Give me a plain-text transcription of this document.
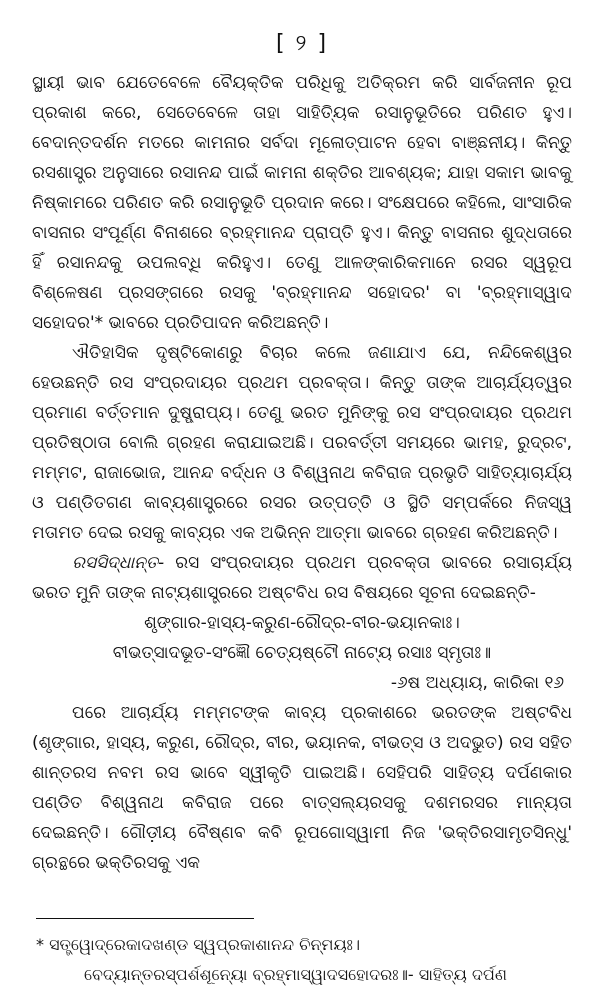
[ ୨ ]

ସ୍ଥାୟୀ ଭାବ ଯେତେବେଳେ ବୈୟକ୍ତିକ ପରିଧିକୁ ଅତିକ୍ରମ କରି ସାର୍ବଜନୀନ ରୂପ ପ୍ରକାଶ କରେ, ସେତେବେଳେ ତାହା ସାହିତ୍ୟିକ ରସାନୁଭୂତିରେ ପରିଣତ ହୁଏ। ବେଦାନ୍ତଦର୍ଶନ ମତରେ କାମନାର ସର୍ବଦା ମୂଳୋତ୍ପାଟନ ହେବା ବାଞ୍ଛନୀୟ। କିନ୍ତୁ ରସଶାସ୍ତ୍ର ଅନୁସାରେ ରସାନନ୍ଦ ପାଇଁ କାମନା ଶକ୍ତିର ଆବଶ୍ୟକ; ଯାହା ସକାମ ଭାବକୁ ନିଷ୍କାମରେ ପରିଣତ କରି ରସାନୁଭୂତି ପ୍ରଦାନ କରେ। ସଂକ୍ଷେପରେ କହିଲେ, ସାଂସାରିକ ବାସନାର ସଂପୂର୍ଣ୍ଣ ବିନାଶରେ ବ୍ରହ୍ମାନନ୍ଦ ପ୍ରାପ୍ତି ହୁଏ। କିନ୍ତୁ ବାସନାର ଶୁଦ୍ଧତାରେ ହିଁ ରସାନନ୍ଦକୁ ଉପଲବ୍ଧି କରିହୁଏ। ତେଣୁ ଆଳଙ୍କାରିକମାନେ ରସର ସ୍ୱରୂପ ବିଶ୍ଳେଷଣ ପ୍ରସଙ୍ଗରେ ରସକୁ 'ବ୍ରହ୍ମାନନ୍ଦ ସହୋଦର' ବା 'ବ୍ରହ୍ମାସ୍ୱାଦ ସହୋଦର'* ଭାବରେ ପ୍ରତିପାଦନ କରିଅଛନ୍ତି।

ଐତିହାସିକ ଦୃଷ୍ଟିକୋଣରୁ ବିଚାର କଲେ ଜଣାଯାଏ ଯେ, ନନ୍ଦିକେଶ୍ୱର ହେଉଛନ୍ତି ରସ ସଂପ୍ରଦାୟର ପ୍ରଥମ ପ୍ରବକ୍ତା। କିନ୍ତୁ ତାଙ୍କ ଆଚାର୍ଯ୍ୟତ୍ୱର ପ୍ରମାଣ ବର୍ତ୍ତମାନ ଦୁଷ୍ପ୍ରାପ୍ୟ। ତେଣୁ ଭରତ ମୁନିଙ୍କୁ ରସ ସଂପ୍ରଦାୟର ପ୍ରଥମ ପ୍ରତିଷ୍ଠାତା ବୋଲି ଗ୍ରହଣ କରାଯାଇଅଛି। ପରବର୍ତ୍ତୀ ସମୟରେ ଭାମହ, ରୁଦ୍ରଟ, ମମ୍ମଟ, ରାଜାଭୋଜ, ଆନନ୍ଦ ବର୍ଦ୍ଧନ ଓ ବିଶ୍ୱନାଥ କବିରାଜ ପ୍ରଭୃତି ସାହିତ୍ୟାଚାର୍ଯ୍ୟ ଓ ପଣ୍ଡିତଗଣ କାବ୍ୟଶାସ୍ତ୍ରରେ ରସର ଉତ୍ପତ୍ତି ଓ ସ୍ଥିତି ସମ୍ପର୍କରେ ନିଜସ୍ୱ ମତାମତ ଦେଇ ରସକୁ କାବ୍ୟର ଏକ ଅଭିନ୍ନ ଆତ୍ମା ଭାବରେ ଗ୍ରହଣ କରିଅଛନ୍ତି।

ରସସିଦ୍ଧାନ୍ତ- ରସ ସଂପ୍ରଦାୟର ପ୍ରଥମ ପ୍ରବକ୍ତା ଭାବରେ ରସାଚାର୍ଯ୍ୟ ଭରତ ମୁନି ତାଙ୍କ ନାଟ୍ୟଶାସ୍ତ୍ରରେ ଅଷ୍ଟବିଧ ରସ ବିଷୟରେ ସୂଚନା ଦେଇଛନ୍ତି-

ଶୃଙ୍ଗାର-ହାସ୍ୟ-କରୁଣ-ରୌଦ୍ର-ବୀର-ଭୟାନକାଃ।

ବୀଭତ୍ସାଦଭୂତ-ସଂଜ୍ଞୌ ଚେତ୍ୟଷ୍ଟୌ ନାଟ୍ୟେ ରସାଃ ସ୍ମୃତାଃ॥

-୬ଷ ଅଧ୍ୟାୟ, କାରିକା ୧୬

ପରେ ଆଚାର୍ଯ୍ୟ ମମ୍ମଟଙ୍କ କାବ୍ୟ ପ୍ରକାଶରେ ଭରତଙ୍କ ଅଷ୍ଟବିଧ (ଶୃଙ୍ଗାର, ହାସ୍ୟ, କରୁଣ, ରୌଦ୍ର, ବୀର, ଭୟାନକ, ବୀଭତ୍ସ ଓ ଅଦଭୁତ) ରସ ସହିତ ଶାନ୍ତରସ ନବମ ରସ ଭାବେ ସ୍ୱୀକୃତି ପାଇଅଛି। ସେହିପରି ସାହିତ୍ୟ ଦର୍ପଣକାର ପଣ୍ଡିତ ବିଶ୍ୱନାଥ କବିରାଜ ପରେ ବାତ୍ସଲ୍ୟରସକୁ ଦଶମରସର ମାନ୍ୟତା ଦେଇଛନ୍ତି। ଗୌଡ଼ୀୟ ବୈଷ୍ଣବ କବି ରୂପଗୋସ୍ୱାମୀ ନିଜ 'ଭକ୍ତିରସାମୃତସିନ୍ଧୁ' ଗ୍ରନ୍ଥରେ ଭକ୍ତିରସକୁ ଏକ

* ସତ୍ତ୍ୱୋଦ୍ରେକାଦଖଣ୍ଡ ସ୍ୱପ୍ରକାଶାନନ୍ଦ ଚିନ୍ମୟଃ।

ବେଦ୍ୟାନ୍ତରସ୍ପର୍ଶଶୂନ୍ୟୋ ବ୍ରହ୍ମାସ୍ୱାଦସହୋଦରଃ॥- ସାହିତ୍ୟ ଦର୍ପଣ
